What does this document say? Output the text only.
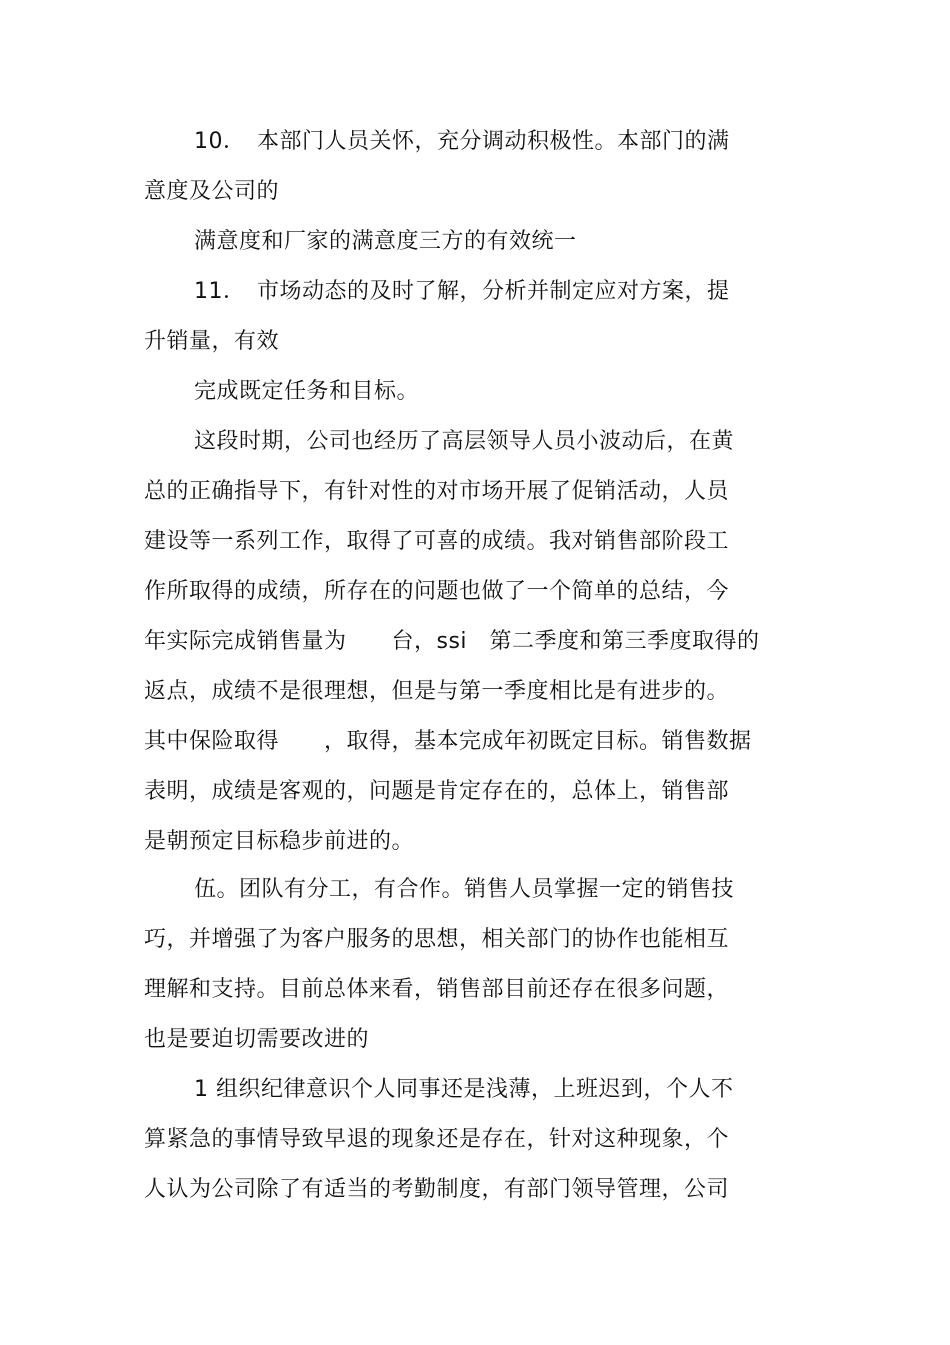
10．　本部门人员关怀，充分调动积极性。本部门的满
意度及公司的
满意度和厂家的满意度三方的有效统一
11．　市场动态的及时了解，分析并制定应对方案，提
升销量，有效
完成既定任务和目标。
这段时期，公司也经历了高层领导人员小波动后，在黄
总的正确指导下，有针对性的对市场开展了促销活动，人员
建设等一系列工作，取得了可喜的成绩。我对销售部阶段工
作所取得的成绩，所存在的问题也做了一个简单的总结，今
年实际完成销售量为　　台，ssi　第二季度和第三季度取得的
返点，成绩不是很理想，但是与第一季度相比是有进步的。
其中保险取得　　，取得，基本完成年初既定目标。销售数据
表明，成绩是客观的，问题是肯定存在的，总体上，销售部
是朝预定目标稳步前进的。
伍。团队有分工，有合作。销售人员掌握一定的销售技
巧，并增强了为客户服务的思想，相关部门的协作也能相互
理解和支持。目前总体来看，销售部目前还存在很多问题，
也是要迫切需要改进的
1 组织纪律意识个人同事还是浅薄，上班迟到，个人不
算紧急的事情导致早退的现象还是存在，针对这种现象，个
人认为公司除了有适当的考勤制度，有部门领导管理，公司
